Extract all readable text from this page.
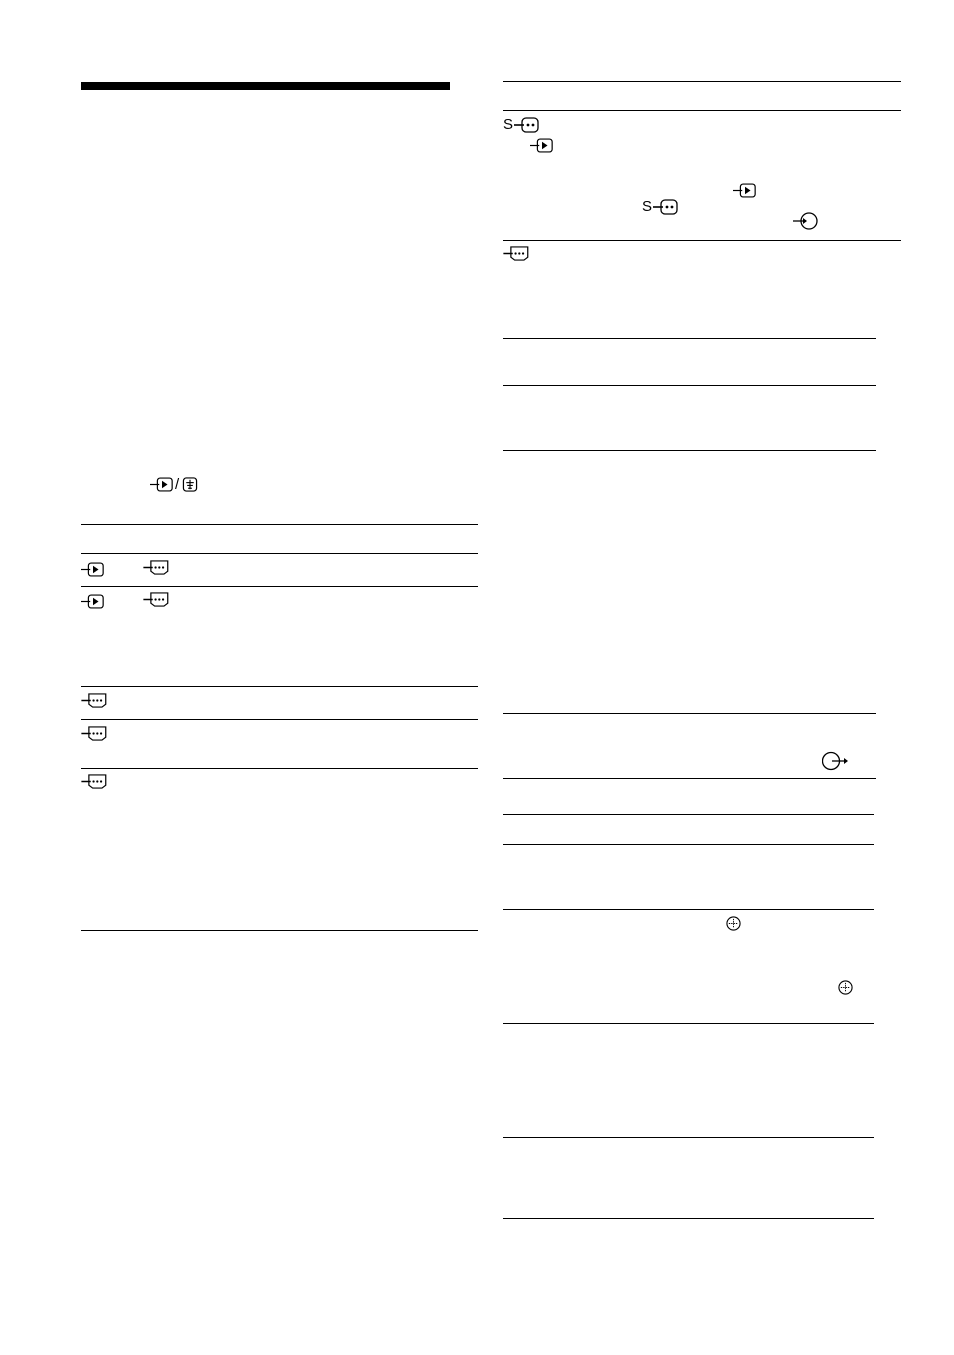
/
S
S
